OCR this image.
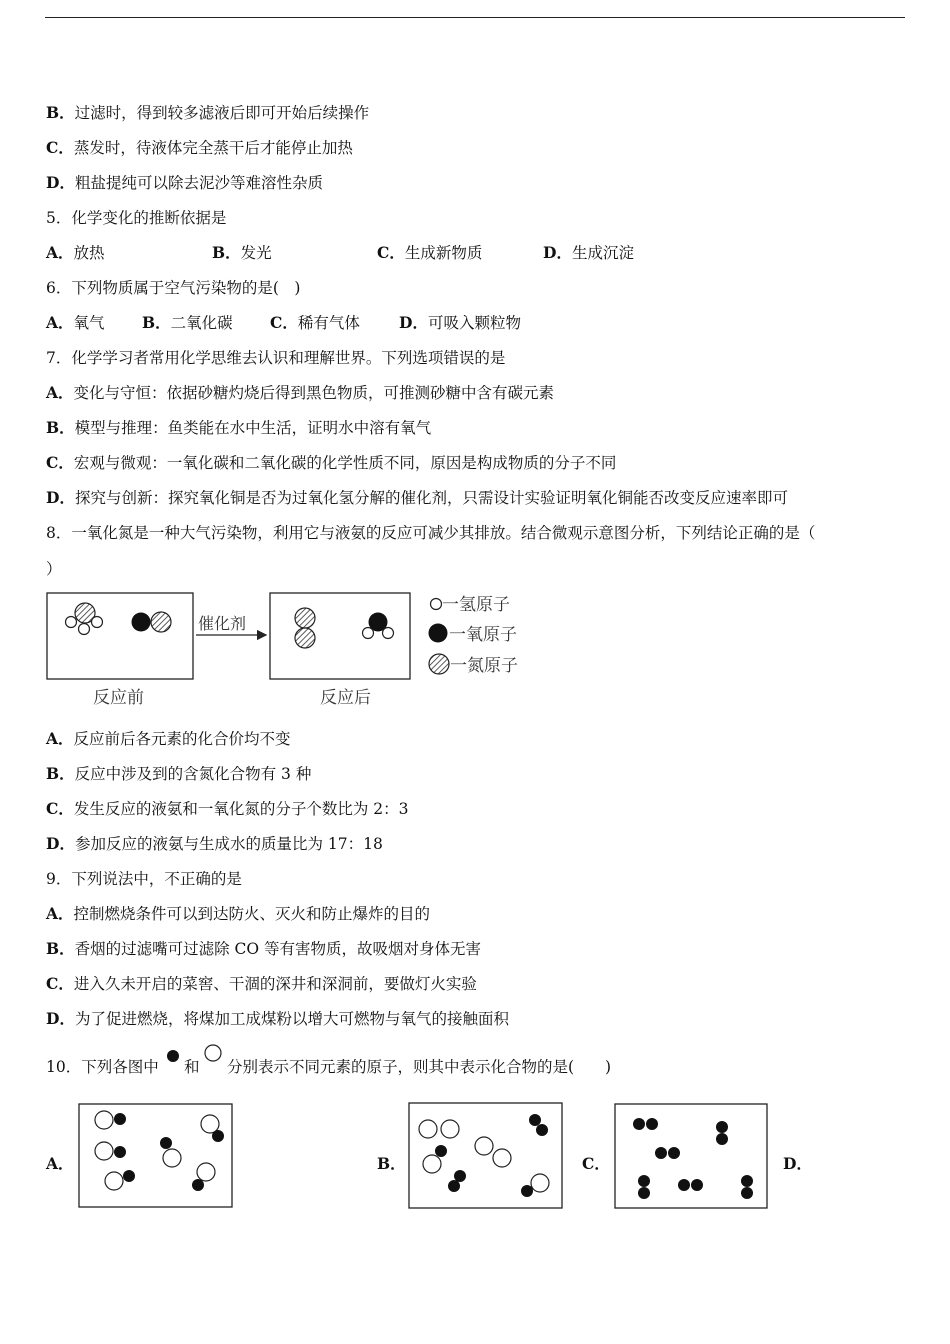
B．过滤时，得到较多滤液后即可开始后续操作
C．蒸发时，待液体完全蒸干后才能停止加热
D．粗盐提纯可以除去泥沙等难溶性杂质
5．化学变化的推断依据是
A．放热	B．发光	C．生成新物质	D．生成沉淀
6．下列物质属于空气污染物的是(　)
A．氧气 B．二氧化碳 C．稀有气体	D．可吸入颗粒物
7．化学学习者常用化学思维去认识和理解世界。下列选项错误的是
A．变化与守恒：依据砂糖灼烧后得到黑色物质，可推测砂糖中含有碳元素
B．模型与推理：鱼类能在水中生活，证明水中溶有氧气
C．宏观与微观：一氧化碳和二氧化碳的化学性质不同，原因是构成物质的分子不同
D．探究与创新：探究氧化铜是否为过氧化氢分解的催化剂，只需设计实验证明氧化铜能否改变反应速率即可
8．一氧化氮是一种大气污染物，利用它与液氨的反应可减少其排放。结合微观示意图分析，下列结论正确的是（
）
催化剂
反应前	反应后
一氢原子
一氧原子
一氮原子
A．反应前后各元素的化合价均不变
B．反应中涉及到的含氮化合物有 3 种
C．发生反应的液氨和一氧化氮的分子个数比为 2：3
D．参加反应的液氨与生成水的质量比为 17：18
9．下列说法中，不正确的是
A．控制燃烧条件可以到达防火、灭火和防止爆炸的目的
B．香烟的过滤嘴可过滤除 CO 等有害物质，故吸烟对身体无害
C．进入久未开启的菜窖、干涸的深井和深洞前，要做灯火实验
D．为了促进燃烧，将煤加工成煤粉以增大可燃物与氧气的接触面积
10．下列各图中 和 分别表示不同元素的原子，则其中表示化合物的是(　　)
A．	B．	C．	D．
